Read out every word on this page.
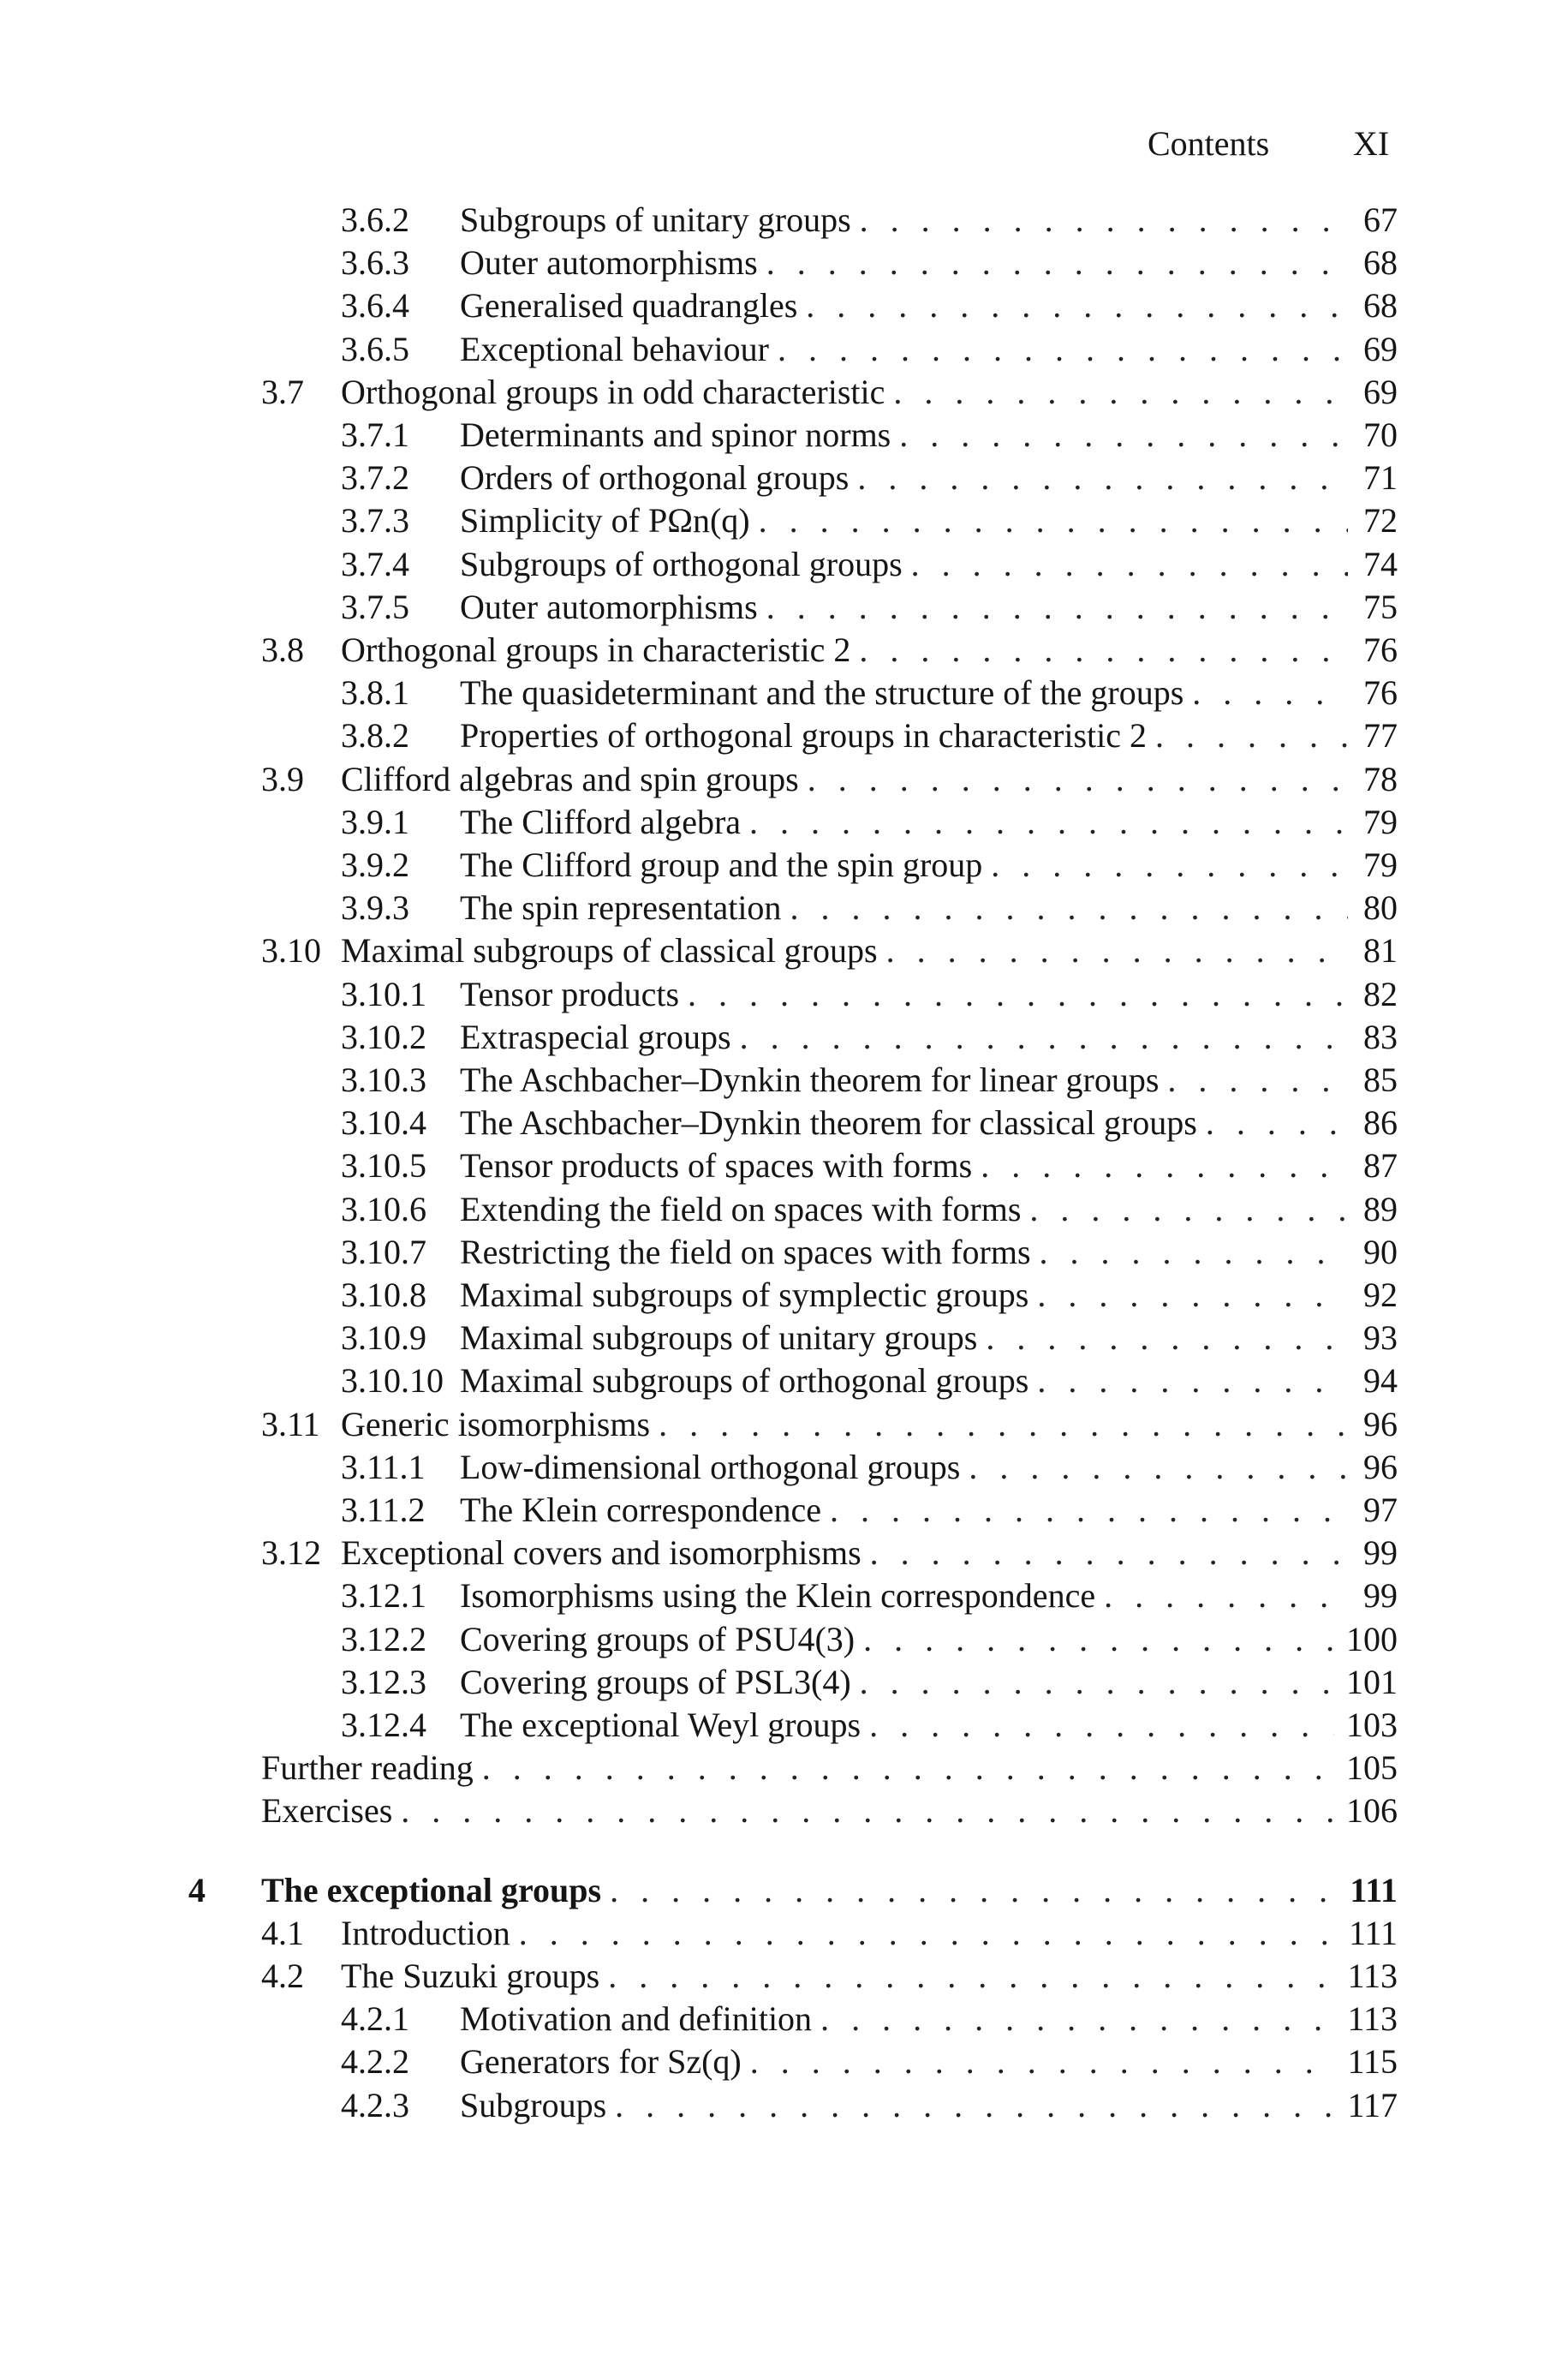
Contents XI
3.6.2 Subgroups of unitary groups . . .	67
3.6.3 Outer automorphisms . . .	68
3.6.4 Generalised quadrangles . . .	68
3.6.5 Exceptional behaviour . . .	69
3.7 Orthogonal groups in odd characteristic . . .	69
3.7.1 Determinants and spinor norms . . .	70
3.7.2 Orders of orthogonal groups . . .	71
3.7.3 Simplicity of PΩn(q) . . .	72
3.7.4 Subgroups of orthogonal groups . . .	74
3.7.5 Outer automorphisms . . .	75
3.8 Orthogonal groups in characteristic 2 . . .	76
3.8.1 The quasideterminant and the structure of the groups . . .	76
3.8.2 Properties of orthogonal groups in characteristic 2 . . .	77
3.9 Clifford algebras and spin groups . . .	78
3.9.1 The Clifford algebra . . .	79
3.9.2 The Clifford group and the spin group . . .	79
3.9.3 The spin representation . . .	80
3.10 Maximal subgroups of classical groups . . .	81
3.10.1 Tensor products . . .	82
3.10.2 Extraspecial groups . . .	83
3.10.3 The Aschbacher–Dynkin theorem for linear groups . . .	85
3.10.4 The Aschbacher–Dynkin theorem for classical groups . . .	86
3.10.5 Tensor products of spaces with forms . . .	87
3.10.6 Extending the field on spaces with forms . . .	89
3.10.7 Restricting the field on spaces with forms . . .	90
3.10.8 Maximal subgroups of symplectic groups . . .	92
3.10.9 Maximal subgroups of unitary groups . . .	93
3.10.10 Maximal subgroups of orthogonal groups . . .	94
3.11 Generic isomorphisms . . .	96
3.11.1 Low-dimensional orthogonal groups . . .	96
3.11.2 The Klein correspondence . . .	97
3.12 Exceptional covers and isomorphisms . . .	99
3.12.1 Isomorphisms using the Klein correspondence . . .	99
3.12.2 Covering groups of PSU4(3) . . .	100
3.12.3 Covering groups of PSL3(4) . . .	101
3.12.4 The exceptional Weyl groups . . .	103
Further reading . . .	105
Exercises . . .	106
4 The exceptional groups . . .	111
4.1 Introduction . . .	111
4.2 The Suzuki groups . . .	113
4.2.1 Motivation and definition . . .	113
4.2.2 Generators for Sz(q) . . .	115
4.2.3 Subgroups . . .	117
